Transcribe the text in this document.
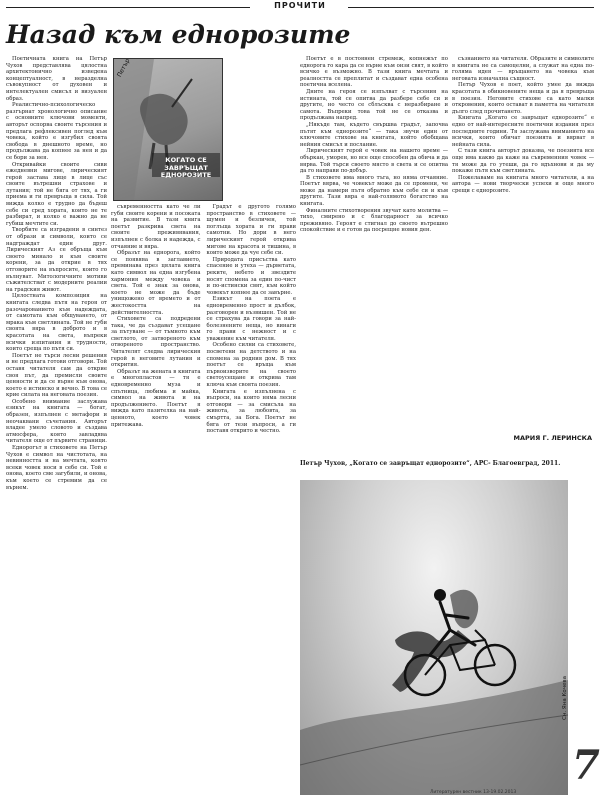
ПРОЧИТИ
Назад към еднорозите

Поетичната книга на Петър Чухов представлява цялостна архитектонично изведена концептуалност, в неразделна съвокупност от духовен и интелектуален смисъл и визуален образ.

Реалистично-психологическо разгърнат хронологично описание с основните ключови моменти, авторът оспорва своите търсения и предлага рефлексивен поглед към човека, който е изгубил своята свобода в днешното време, но продължава да копнее за нея и да се бори за нея.

Откривайки своите сиви ежедневни мигове, лирическият герой застава лице в лице със своите вътрешни страхове и лутания; той не бяга от тях, а ги приема и ги превръща в сила. Той вижда колко е трудно да бъдеш себе си сред хората, които не те разбират, и колко е важно да не губиш мечтите си.

Творбите са изградени в синтез от образи и символи, които се надграждат един друг. Лирическият Аз се обръща към своето минало и към своите корени, за да открие в тях отговорите на въпросите, които го вълнуват. Митологичните мотиви съжителстват с модерните реалии на градския живот.

Цялостната композиция на книгата следва пътя на героя от разочарованието към надеждата, от самотата към общуването, от мрака към светлината. Той не губи своята вяра в доброто и в красотата на света, въпреки всички изпитания и трудности, които среща по пътя си.

Поетът не търси лесни решения и не предлага готови отговори. Той оставя читателя сам да открие своя път, да премисли своите ценности и да се върне към онова, което е истинско и вечно. В това се крие силата на неговата поезия.

Особено внимание заслужава езикът на книгата — богат, образен, изпълнен с метафори и неочаквани съчетания. Авторът владее умело словото и създава атмосфера, която завладява читателя още от първите страници.

Еднорогът в стиховете на Петър Чухов е символ на чистотата, на невинността и на мечтата, която всеки човек носи в себе си. Той е онова, което сме загубили, и онова, към което се стремим да се върнем.

КОГАТО СЕ ЗАВРЪЩАТ ЕДНОРОЗИТЕ

съвременността като че ли губи своите корени и посоката на развитие. В тази книга поетът разкрива света на своите преживявания, изпълнен с болка и надежда, с отчаяние и вяра.

Образът на еднорога, който се появява в заглавието, преминава през цялата книга като символ на една изгубена хармония между човека и света. Той е знак за онова, което не може да бъде унищожено от времето и от жестокостта на действителността.

Стиховете са подредени така, че да създават усещане за пътуване — от тъмното към светлото, от затвореното към отвореното пространство. Читателят следва лирическия герой в неговите лутания и открития.

Образът на жената в книгата е многопластов — тя е едновременно муза и спътница, любима и майка, символ на живота и на продължението. Поетът я вижда като пазителка на най-ценното, което човек притежава.

Градът е другото голямо пространство в стиховете — шумен и безличен, той поглъща хората и ги прави самотни. Но дори в него лирическият герой открива мигове на красота и тишина, в които може да чуе себе си.

Природата присъства като спасение и утеха — дърветата, реките, небето и звездите носят спомена за един по-чист и по-истински свят, към който човекът копнее да се завърне.

Езикът на поета е едновременно прост и дълбок, разговорен и възвишен. Той не се страхува да говори за най-болезнените неща, но винаги го прави с нежност и с уважение към читателя.

Особено силни са стиховете, посветени на детството и на спомена за родния дом. В тях поетът се връща към първоизворите на своето светоусещане и открива там ключа към своята поезия.

Книгата е изпълнена с въпроси, на които няма лесни отговори — за смисъла на живота, за любовта, за смъртта, за Бога. Поетът не бяга от тези въпроси, а ги поставя открито и честно.

Поетът е в постоянен стремеж, копнежът по еднорога го кара да се върне към онзи свят, в който всичко е възможно. В тази книга мечтата и реалността се преплитат и създават една особена поетична вселена.

Дните на героя се изпълват с търсения на истината, той се опитва да разбере себе си и другите, но често се сблъсква с неразбиране и самота. Въпреки това той не се отказва и продължава напред.

„Някъде там, където свършва градът, започва пътят към еднорозите“ — така звучи един от ключовите стихове на книгата, който обобщава нейния смисъл и послание.

Лирическият герой е човек на нашето време — объркан, уморен, но все още способен да обича и да вярва. Той търси своето място в света и се опитва да го направи по-добър.

В стиховете има много тъга, но няма отчаяние. Поетът вярва, че човекът може да се промени, че може да намери пътя обратно към себе си и към другите. Тази вяра е най-голямото богатство на книгата.

Финалните стихотворения звучат като молитва — тихо, смирено и с благодарност за всичко преживяно. Героят е стигнал до своето вътрешно спокойствие и е готов да посрещне новия ден.

съзнанието на читателя. Образите и символите в книгата не са самоцелни, а служат на една по-голяма идея — връщането на човека към неговата изначална същност.

Петър Чухов е поет, който умее да вижда красотата в обикновените неща и да я превръща в поезия. Неговите стихове са като малки откровения, които остават в паметта на читателя дълго след прочитането.

Книгата „Когато се завръщат еднорозите“ е едно от най-интересните поетични издания през последните години. Тя заслужава вниманието на всички, които обичат поезията и вярват в нейната сила.

С тази книга авторът доказва, че поезията все още има какво да каже на съвременния човек — тя може да го утеши, да го вдъхнови и да му покаже пътя към светлината.

Пожелаваме на книгата много читатели, а на автора — нови творчески успехи и още много срещи с еднорозите.

МАРИЯ Г. ЛЕРИНСКА

Петър Чухов, „Когато се завръщат еднорозите“, АРС- Благоевград, 2011.

Сн. Яна Кочева

7

Литературен вестник 13-19.02.2013
